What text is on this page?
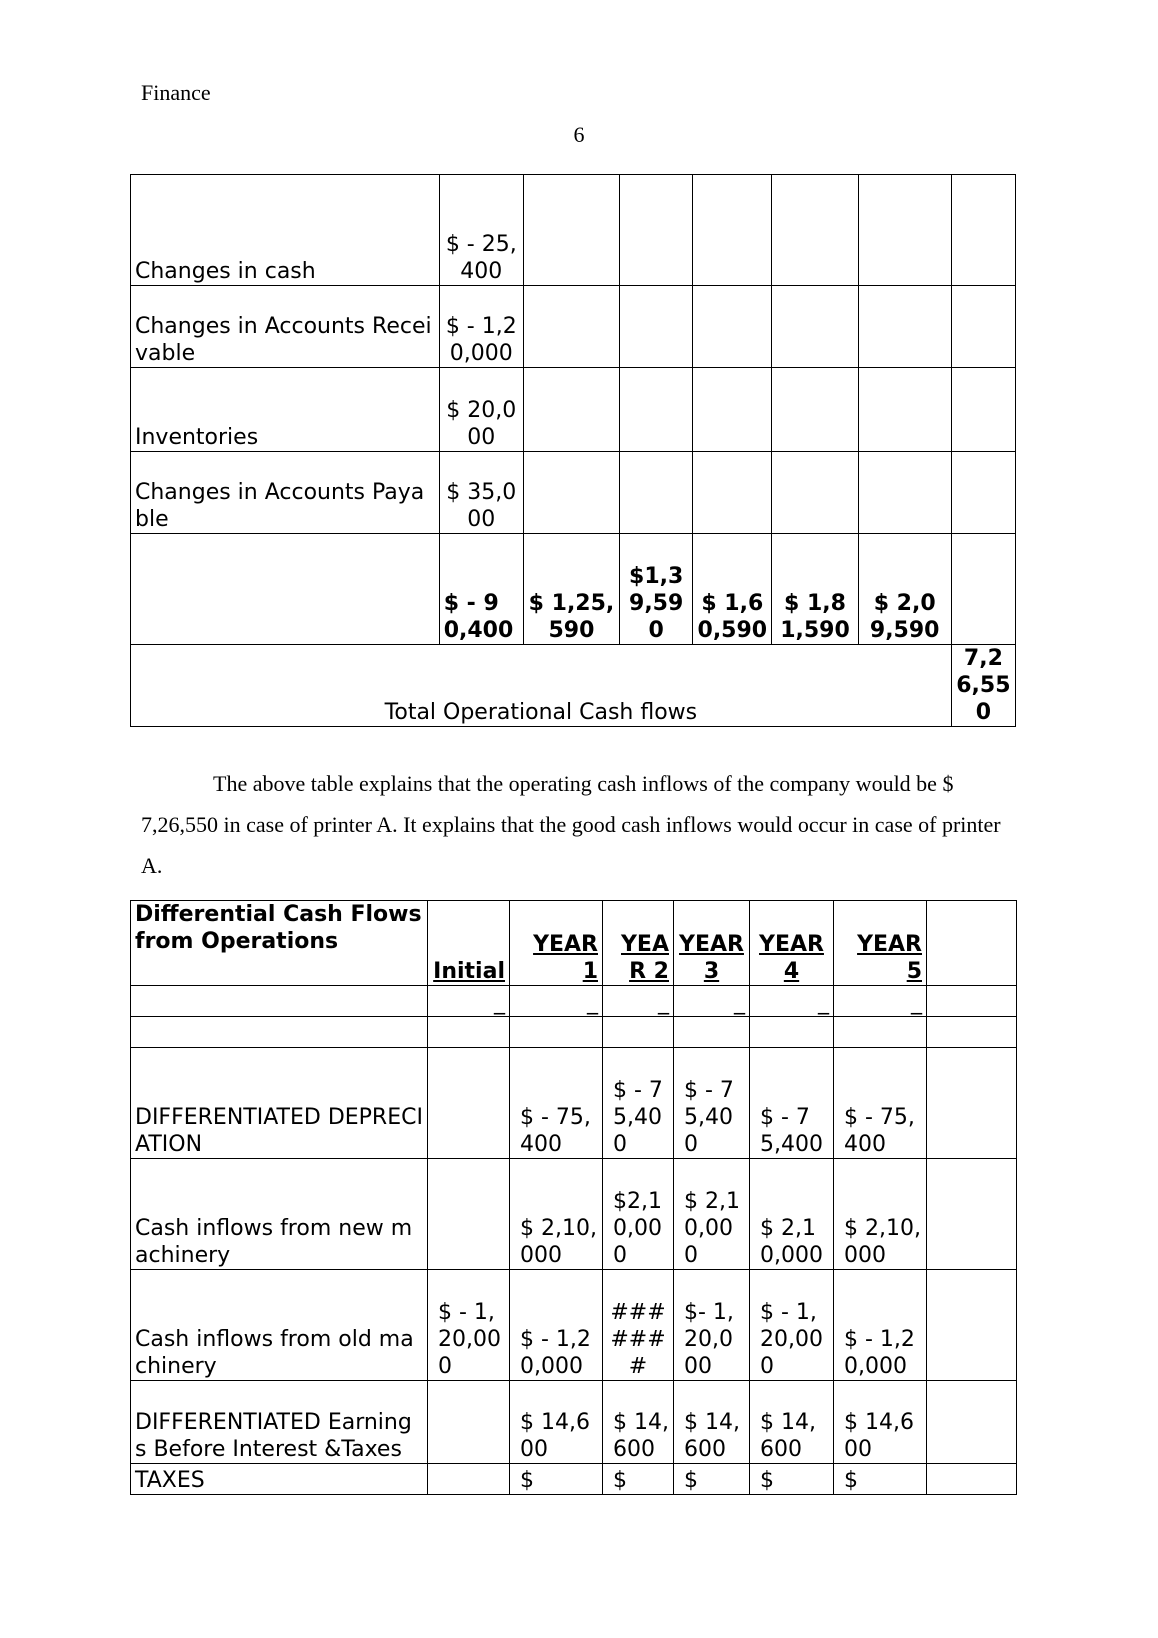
Finance
6
Changes in cash	$ - 25,400						
Changes in Accounts Receivable	$ - 1,20,000						
Inventories	$ 20,000						
Changes in Accounts Payable	$ 35,000						
	$ - 90,400	$ 1,25,590	$1,39,590	$ 1,60,590	$ 1,81,590	$ 2,09,590	
Total Operational Cash flows							7,26,550
The above table explains that the operating cash inflows of the company would be $ 7,26,550 in case of printer A. It explains that the good cash inflows would occur in case of printer A.
Differential Cash Flows from Operations	Initial	YEAR 1	YEAR 2	YEAR 3	YEAR 4	YEAR 5	
	_	_	_	_	_	_	

DIFFERENTIATED DEPRECIATION		$ - 75,400	$ - 75,400	$ - 75,400	$ - 75,400	$ - 75,400	
Cash inflows from new machinery		$ 2,10,000	$2,10,000	$ 2,10,000	$ 2,10,000	$ 2,10,000	
Cash inflows from old machinery	$ - 1,20,000	$ - 1,20,000	#######	$- 1,20,000	$ - 1,20,000	$ - 1,20,000	
DIFFERENTIATED Earnings Before Interest &Taxes		$ 14,600	$ 14,600	$ 14,600	$ 14,600	$ 14,600	
TAXES		$	$	$	$	$	
